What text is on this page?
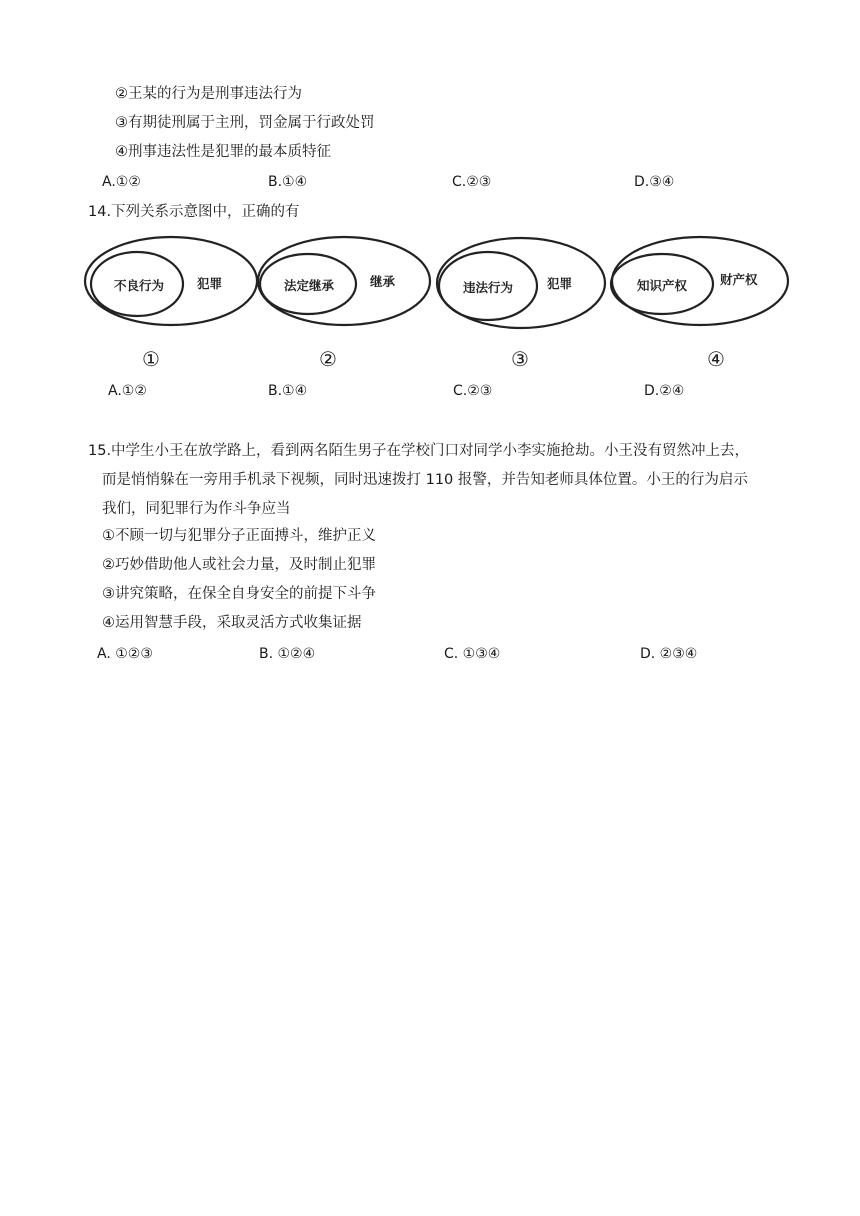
②王某的行为是刑事违法行为
③有期徒刑属于主刑，罚金属于行政处罚
④刑事违法性是犯罪的最本质特征
A.①②	B.①④	C.②③	D.③④
14.下列关系示意图中，正确的有
不良行为	犯罪
①
法定继承	继承
②
违法行为	犯罪
③
知识产权	财产权
④
A.①②	B.①④	C.②③	D.②④
15.中学生小王在放学路上，看到两名陌生男子在学校门口对同学小李实施抢劫。小王没有贸然冲上去，
而是悄悄躲在一旁用手机录下视频，同时迅速拨打 110 报警，并告知老师具体位置。小王的行为启示
我们，同犯罪行为作斗争应当
①不顾一切与犯罪分子正面搏斗，维护正义
②巧妙借助他人或社会力量，及时制止犯罪
③讲究策略，在保全自身安全的前提下斗争
④运用智慧手段，采取灵活方式收集证据
A. ①②③	B. ①②④	C. ①③④	D. ②③④
